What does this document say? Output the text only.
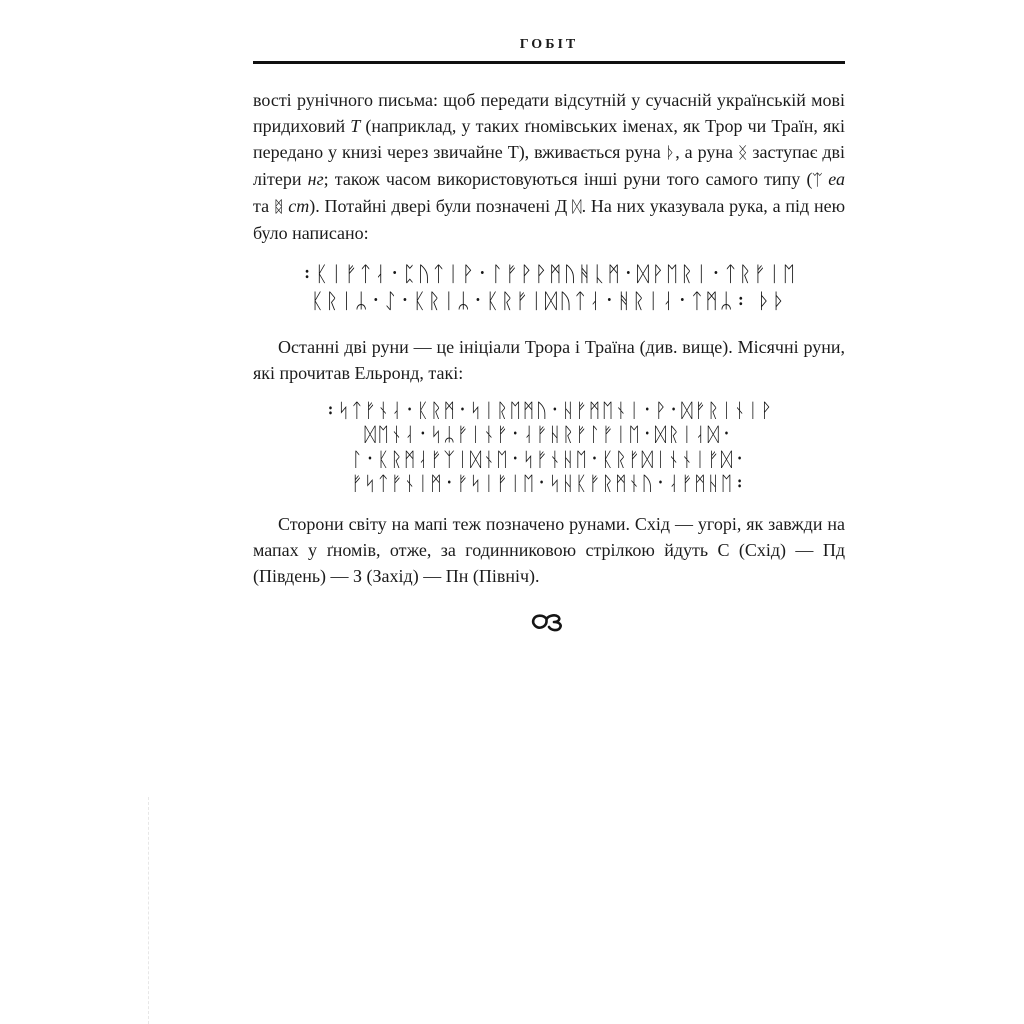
ГОБІТ

вості рунічного письма: щоб передати відсутній у сучасній українській мові придиховий Т (наприклад, у таких ґномівських іменах, як Трор чи Траїн, які передано у книзі через звичайне Т), вживається руна ᚦ, а руна ᛝ заступає дві літери нг; також часом використовуються інші руни того самого типу (ᛠ еа та ᛥ ст). Потайні двері були позначені Д ᛞ. На них указувала рука, а під нею було написано:

᛬ᛕᛁᚠᛏᛆ᛫ᛈᚢᛏᛁᚹ᛫ᛚᚠᚹᚹᛗᚢᚻᚳᛗ᛫ᛞᚹᛖᚱᛁ᛫ᛏᚱᚠᛁᛖ
ᛕᚱᛁᛦ᛫ᛇ᛫ᛕᚱᛁᛦ᛫ᛕᚱᚠᛁᛞᚢᛏᛆ᛫ᚻᚱᛁᛆ᛫ᛏᛗᛦ᛬ ᚦᚦ

Останні дві руни — це ініціали Трора і Траїна (див. вище). Місячні руни, які прочитав Ельронд, такі:

᛬ᛋᛏᚠᚾᛆ᛫ᛕᚱᛗ᛫ᛋᛁᚱᛖᛗᚢ᛫ᚺᚠᛗᛖᚾᛁ᛫ᚹ᛫ᛞᚠᚱᛁᚾᛁᚹ
ᛞᛖᚾᛆ᛫ᛋᛦᚠᛁᚾᚠ᛫ᛆᚠᚺᚱᚠᛚᚠᛁᛖ᛫ᛞᚱᛁᛆᛞ᛫
ᛚ᛫ᛕᚱᛗᛆᚠᛉᛁᛞᚾᛖ᛫ᛋᚠᚾᚺᛖ᛫ᛕᚱᚠᛞᛁᚾᚾᛁᚠᛞ᛫
ᚠᛋᛏᚠᚾᛁᛗ᛫ᚠᛋᛁᚠᛁᛖ᛫ᛋᚺᛕᚠᚱᛗᚾᚢ᛫ᛆᚠᛗᚺᛖ᛬

Сторони світу на мапі теж позначено рунами. Схід — угорі, як завжди на мапах у ґномів, отже, за годинниковою стрілкою йдуть С (Схід) — Пд (Південь) — З (Захід) — Пн (Північ).
